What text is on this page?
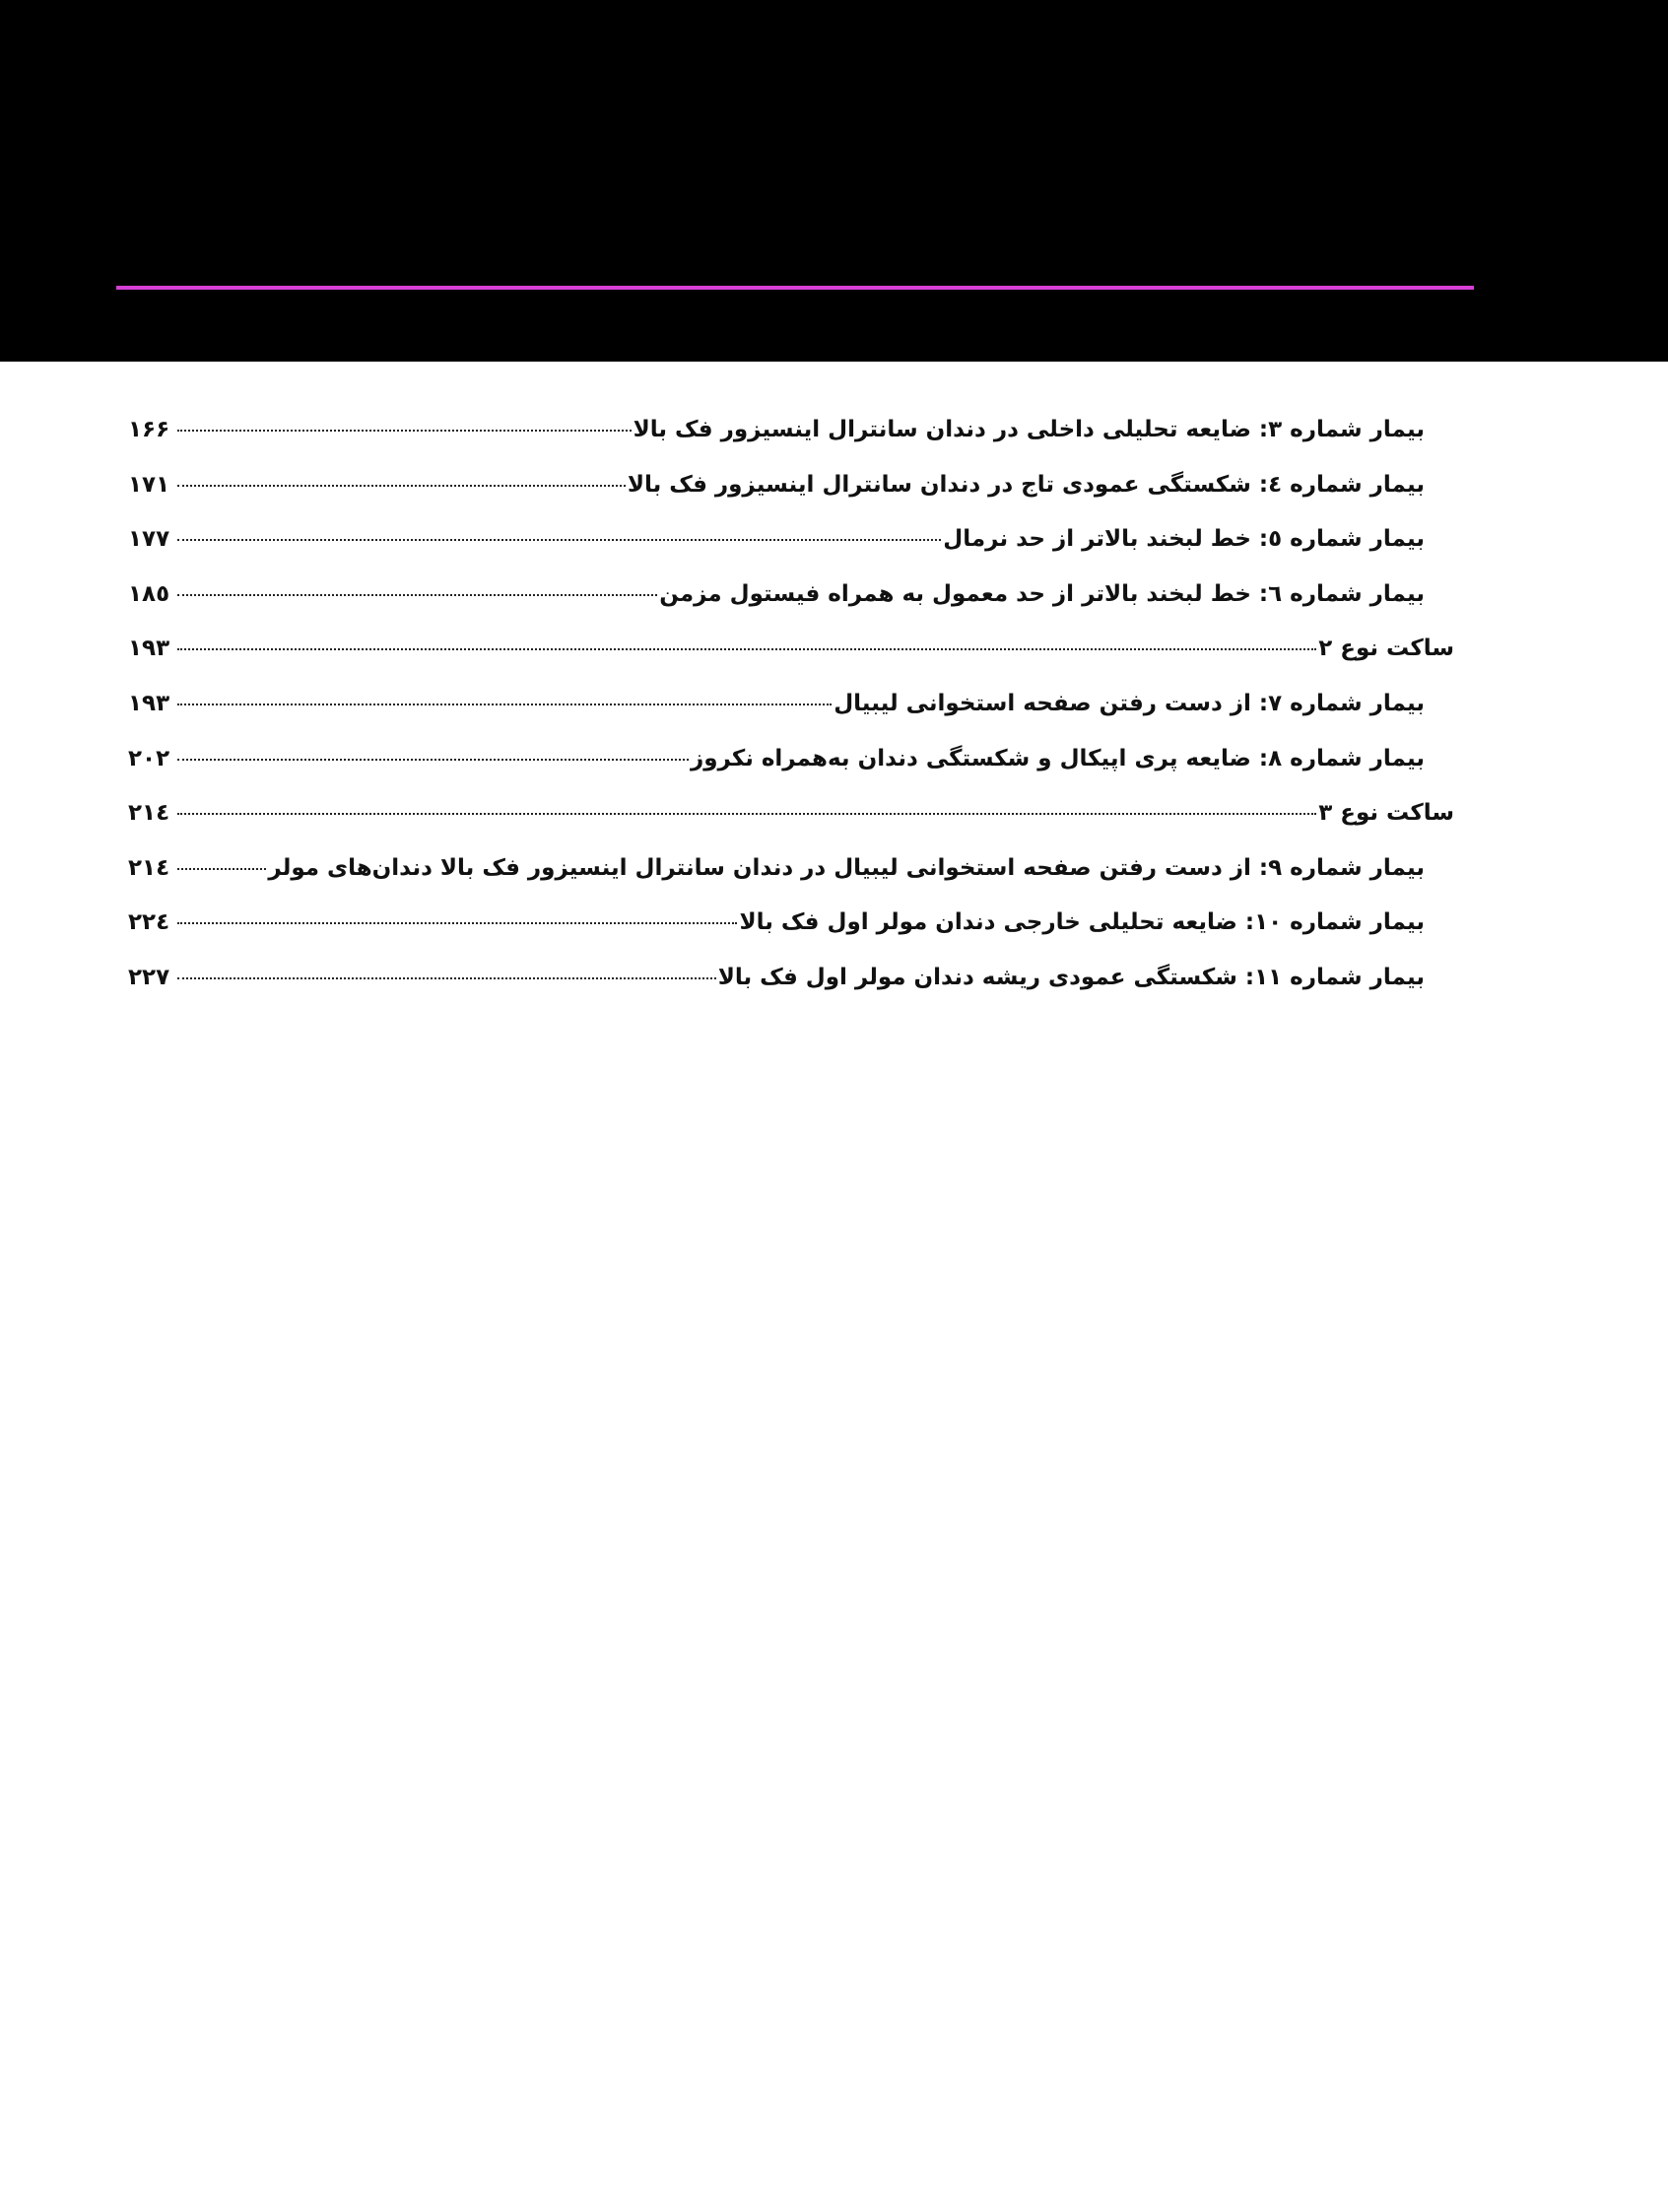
بیمار شماره ۳: ضایعه تحلیلی داخلی در دندان سانترال اینسیزور فک بالا
۱۶۶
بیمار شماره ٤: شکستگی عمودی تاج در دندان سانترال اینسیزور فک بالا
۱۷۱
بیمار شماره ٥: خط لبخند بالاتر از حد نرمال
۱۷۷
بیمار شماره ٦: خط لبخند بالاتر از حد معمول به همراه فیستول مزمن
۱۸٥
ساکت نوع ۲
۱۹۳
بیمار شماره ۷: از دست رفتن صفحه استخوانی لیبیال
۱۹۳
بیمار شماره ۸: ضایعه پری اپیکال و شکستگی دندان به‌همراه نکروز
۲۰۲
ساکت نوع ۳
۲۱٤
بیمار شماره ۹: از دست رفتن صفحه استخوانی لیبیال در دندان سانترال اینسیزور فک بالا دندان‌های مولر
۲۱٤
بیمار شماره ۱۰: ضایعه تحلیلی خارجی دندان مولر اول فک بالا
۲۲٤
بیمار شماره ۱۱: شکستگی عمودی ریشه دندان مولر اول فک بالا
۲۲۷
